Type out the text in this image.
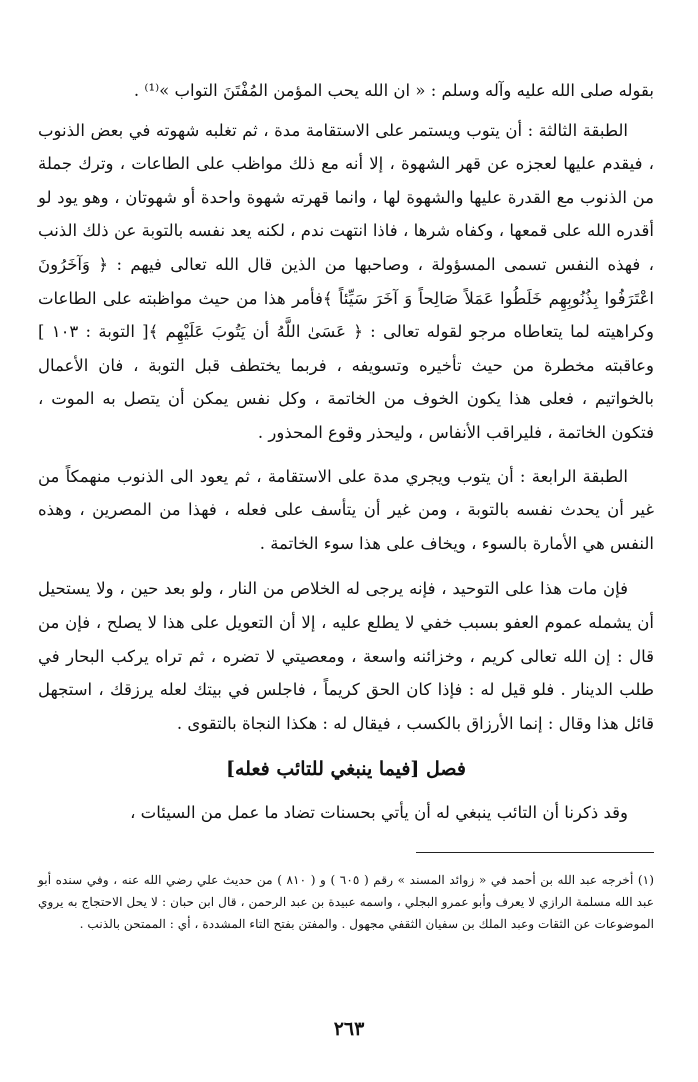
بقوله صلى الله عليه وآله وسلم : « ان الله يحب المؤمن المُفْتَنَ التواب »⁽¹⁾ .

الطبقة الثالثة : أن يتوب ويستمر على الاستقامة مدة ، ثم تغلبه شهوته في بعض الذنوب ، فيقدم عليها لعجزه عن قهر الشهوة ، إلا أنه مع ذلك مواظب على الطاعات ، وترك جملة من الذنوب مع القدرة عليها والشهوة لها ، وانما قهرته شهوة واحدة أو شهوتان ، وهو يود لو أقدره الله على قمعها ، وكفاه شرها ، فاذا انتهت ندم ، لكنه يعد نفسه بالتوبة عن ذلك الذنب ، فهذه النفس تسمى المسؤولة ، وصاحبها من الذين قال الله تعالى فيهم : ﴿ وَآخَرُونَ اعْتَرَفُوا بِذُنُوبِهِم خَلَطُوا عَمَلاً صَالِحاً وَ آخَرَ سَيِّئاً ﴾فأمر هذا من حيث مواظبته على الطاعات وكراهيته لما يتعاطاه مرجو لقوله تعالى : ﴿ عَسَىٰ اللَّهُ أن يَتُوبَ عَلَيْهِم ﴾[ التوبة : ١٠٣ ] وعاقبته مخطرة من حيث تأخيره وتسويفه ، فربما يختطف قبل التوبة ، فان الأعمال بالخواتيم ، فعلى هذا يكون الخوف من الخاتمة ، وكل نفس يمكن أن يتصل به الموت ، فتكون الخاتمة ، فليراقب الأنفاس ، وليحذر وقوع المحذور .

الطبقة الرابعة : أن يتوب ويجري مدة على الاستقامة ، ثم يعود الى الذنوب منهمكاً من غير أن يحدث نفسه بالتوبة ، ومن غير أن يتأسف على فعله ، فهذا من المصرين ، وهذه النفس هي الأمارة بالسوء ، ويخاف على هذا سوء الخاتمة .

فإن مات هذا على التوحيد ، فإنه يرجى له الخلاص من النار ، ولو بعد حين ، ولا يستحيل أن يشمله عموم العفو بسبب خفي لا يطلع عليه ، إلا أن التعويل على هذا لا يصلح ، فإن من قال : إن الله تعالى كريم ، وخزائنه واسعة ، ومعصيتي لا تضره ، ثم تراه يركب البحار في طلب الدينار . فلو قيل له : فإذا كان الحق كريماً ، فاجلس في بيتك لعله يرزقك ، استجهل قائل هذا وقال : إنما الأرزاق بالكسب ، فيقال له : هكذا النجاة بالتقوى .

فصل [فيما ينبغي للتائب فعله]

وقد ذكرنا أن التائب ينبغي له أن يأتي بحسنات تضاد ما عمل من السيئات ،

(١) أخرجه عبد الله بن أحمد في « زوائد المسند » رقم ( ٦٠٥ ) و ( ٨١٠ ) من حديث علي رضي الله عنه ، وفي سنده أبو عبد الله مسلمة الرازي لا يعرف وأبو عمرو البجلي ، واسمه عبيدة بن عبد الرحمن ، قال ابن حبان : لا يحل الاحتجاج به يروي الموضوعات عن الثقات وعبد الملك بن سفيان الثقفي مجهول . والمفتن بفتح التاء المشددة ، أي : الممتحن بالذنب .

٢٦٣
